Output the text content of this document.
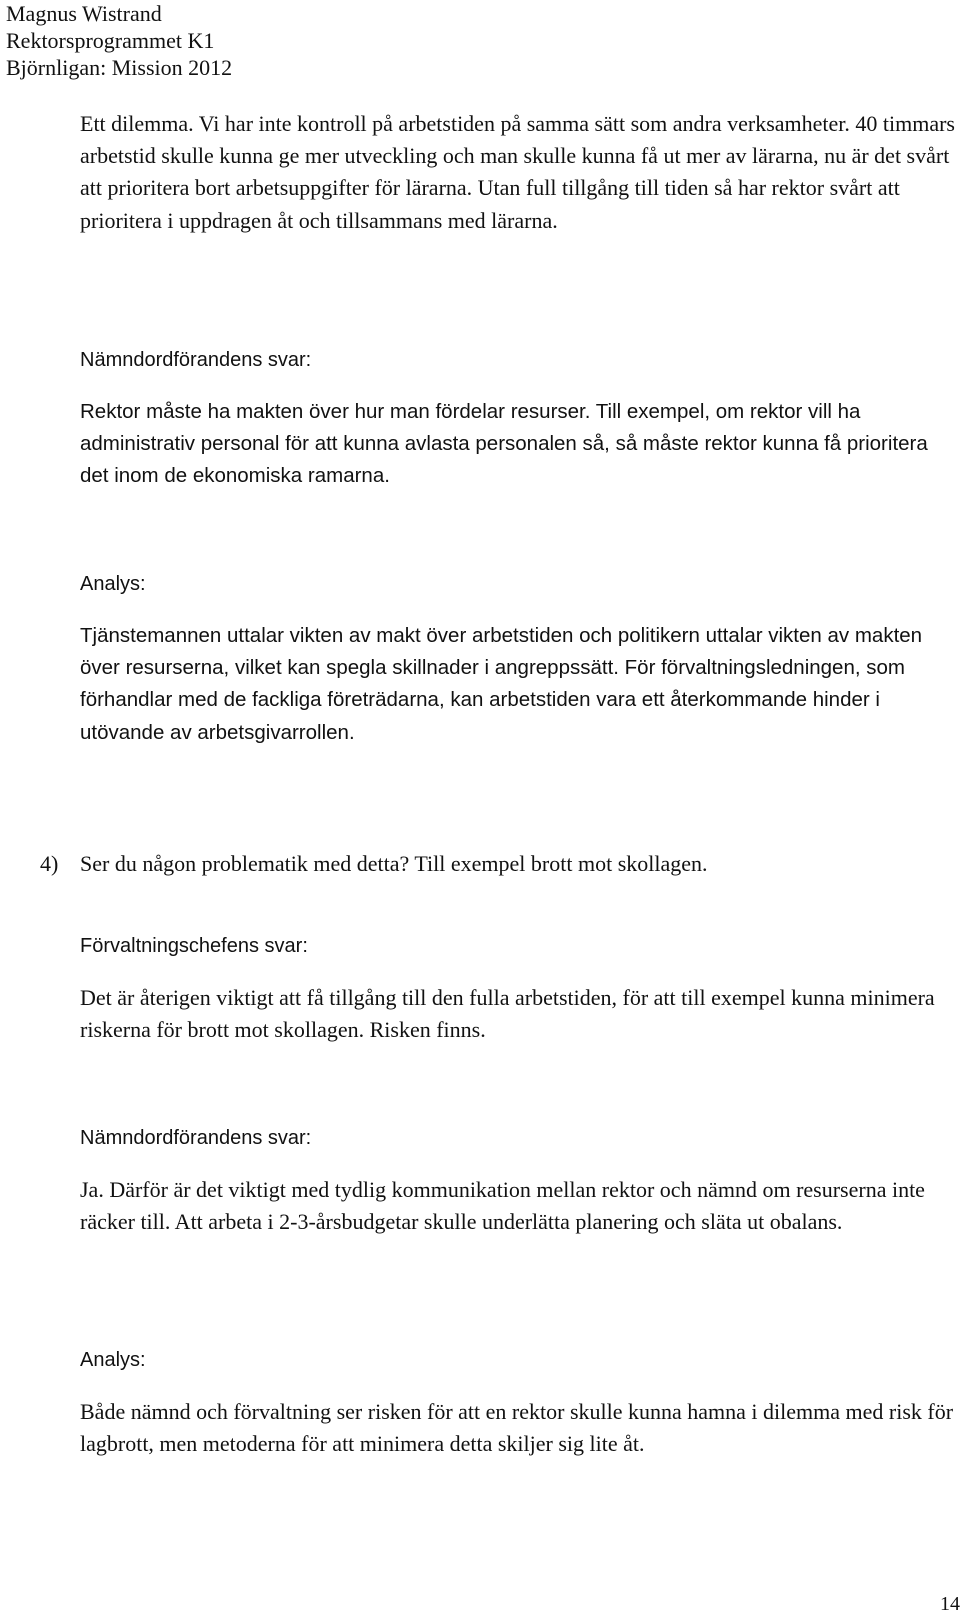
Magnus Wistrand
Rektorsprogrammet K1
Björnligan: Mission 2012

Ett dilemma. Vi har inte kontroll på arbetstiden på samma sätt som andra verksamheter. 40 timmars arbetstid skulle kunna ge mer utveckling och man skulle kunna få ut mer av lärarna, nu är det svårt att prioritera bort arbetsuppgifter för lärarna. Utan full tillgång till tiden så har rektor svårt att prioritera i uppdragen åt och tillsammans med lärarna.

Nämndordförandens svar:

Rektor måste ha makten över hur man fördelar resurser. Till exempel, om rektor vill ha administrativ personal för att kunna avlasta personalen så, så måste rektor kunna få prioritera det inom de ekonomiska ramarna.

Analys:

Tjänstemannen uttalar vikten av makt över arbetstiden och politikern uttalar vikten av makten över resurserna, vilket kan spegla skillnader i angreppssätt. För förvaltningsledningen, som förhandlar med de fackliga företrädarna, kan arbetstiden vara ett återkommande hinder i utövande av arbetsgivarrollen.

4) Ser du någon problematik med detta? Till exempel brott mot skollagen.

Förvaltningschefens svar:

Det är återigen viktigt att få tillgång till den fulla arbetstiden, för att till exempel kunna minimera riskerna för brott mot skollagen. Risken finns.

Nämndordförandens svar:

Ja. Därför är det viktigt med tydlig kommunikation mellan rektor och nämnd om resurserna inte räcker till. Att arbeta i 2-3-årsbudgetar skulle underlätta planering och släta ut obalans.

Analys:

Både nämnd och förvaltning ser risken för att en rektor skulle kunna hamna i dilemma med risk för lagbrott, men metoderna för att minimera detta skiljer sig lite åt.

14
